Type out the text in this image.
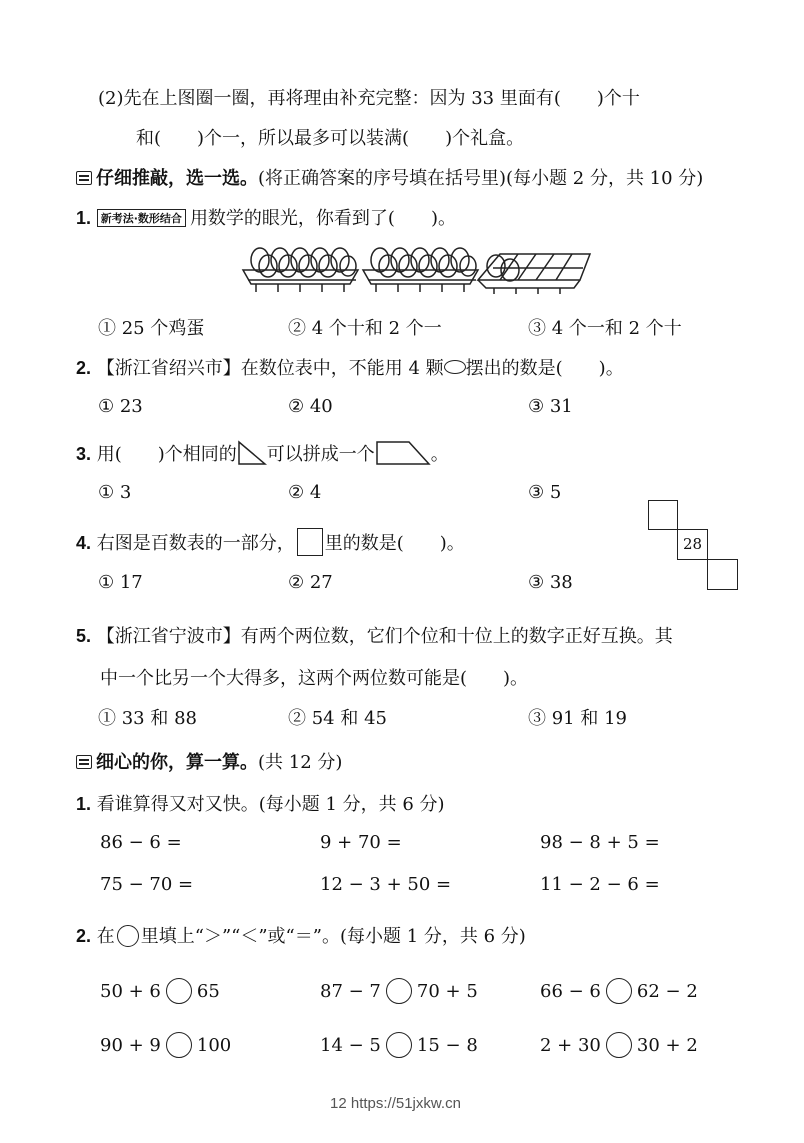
(2)先在上图圈一圈，再将理由补充完整：因为 33 里面有(　　)个十
和(　　)个一，所以最多可以装满(　　)个礼盒。
仔细推敲，选一选。(将正确答案的序号填在括号里)(每小题 2 分，共 10 分)
1. 新考法·数形结合 用数学的眼光，你看到了(　　)。
① 25 个鸡蛋	② 4 个十和 2 个一	③ 4 个一和 2 个十
2. 【浙江省绍兴市】在数位表中，不能用 4 颗 摆出的数是(　　)。
① 23	② 40	③ 31
3. 用(　　)个相同的 可以拼成一个	。
① 3	② 4	③ 5
4. 右图是百数表的一部分， 里的数是(　　)。	28
① 17	② 27	③ 38
5. 【浙江省宁波市】有两个两位数，它们个位和十位上的数字正好互换。其
中一个比另一个大得多，这两个两位数可能是(　　)。
① 33 和 88	② 54 和 45	③ 91 和 19
细心的你，算一算。(共 12 分)
1. 看谁算得又对又快。(每小题 1 分，共 6 分)
86 − 6 =	9 + 70 =	98 − 8 + 5 =
75 − 70 =	12 − 3 + 50 =	11 − 2 − 6 =
2. 在 里填上“＞”“＜”或“＝”。(每小题 1 分，共 6 分)
50 + 6 65	87 − 7 70 + 5	66 − 6 62 − 2
90 + 9 100	14 − 5 15 − 8	2 + 30 30 + 2
12 https://51jxkw.cn
